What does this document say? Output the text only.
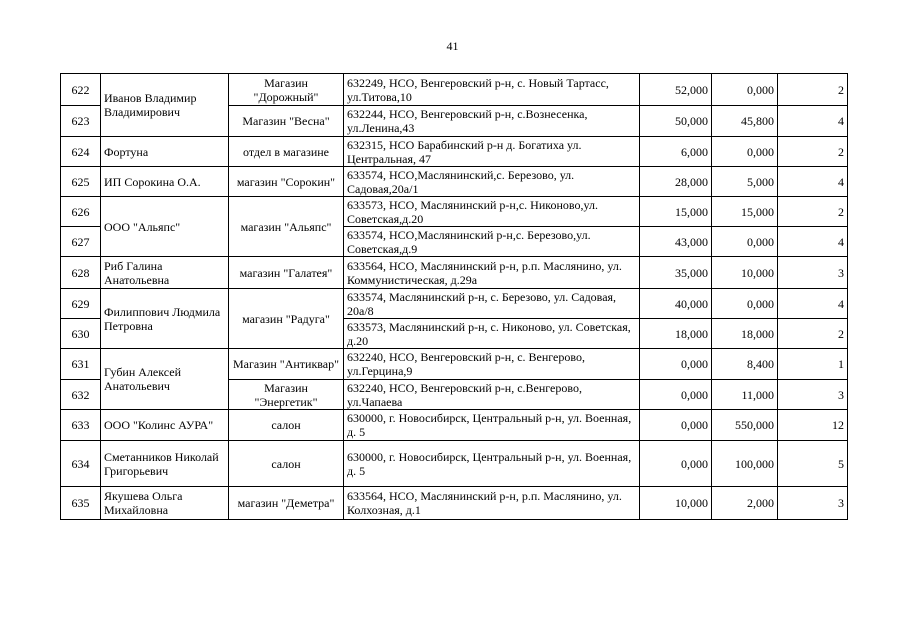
41
622	Иванов Владимир Владимирович	Магазин "Дорожный"	632249, НСО, Венгеровский р-н, с. Новый Тартасс, ул.Титова,10	52,000	0,000	2
623		Магазин "Весна"	632244, НСО, Венгеровский р-н, с.Вознесенка, ул.Ленина,43	50,000	45,800	4
624	Фортуна	отдел в магазине	632315, НСО Барабинский р-н д. Богатиха ул. Центральная, 47	6,000	0,000	2
625	ИП Сорокина О.А.	магазин "Сорокин"	633574, НСО,Маслянинский,с. Березово, ул. Садовая,20а/1	28,000	5,000	4
626	ООО "Альяпс"	магазин "Альяпс"	633573, НСО, Маслянинский р-н,с. Никоново,ул. Советская,д.20	15,000	15,000	2
627			633574, НСО,Маслянинский р-н,с. Березово,ул. Советская,д.9	43,000	0,000	4
628	Риб Галина Анатольевна	магазин "Галатея"	633564, НСО, Маслянинский р-н, р.п. Маслянино, ул. Коммунистическая, д.29а	35,000	10,000	3
629	Филиппович Людмила Петровна	магазин "Радуга"	633574, Маслянинский р-н, с. Березово, ул. Садовая, 20а/8	40,000	0,000	4
630			633573, Маслянинский р-н, с. Никоново, ул. Советская, д.20	18,000	18,000	2
631	Губин Алексей Анатольевич	Магазин "Антиквар"	632240, НСО, Венгеровский р-н, с. Венгерово, ул.Герцина,9	0,000	8,400	1
632		Магазин "Энергетик"	632240, НСО, Венгеровский р-н, с.Венгерово, ул.Чапаева	0,000	11,000	3
633	ООО "Колинс АУРА"	салон	630000, г. Новосибирск, Центральный р-н, ул. Военная, д. 5	0,000	550,000	12
634	Сметанников Николай Григорьевич	салон	630000, г. Новосибирск, Центральный р-н, ул. Военная, д. 5	0,000	100,000	5
635	Якушева Ольга Михайловна	магазин "Деметра"	633564, НСО, Маслянинский р-н, р.п. Маслянино, ул. Колхозная, д.1	10,000	2,000	3
